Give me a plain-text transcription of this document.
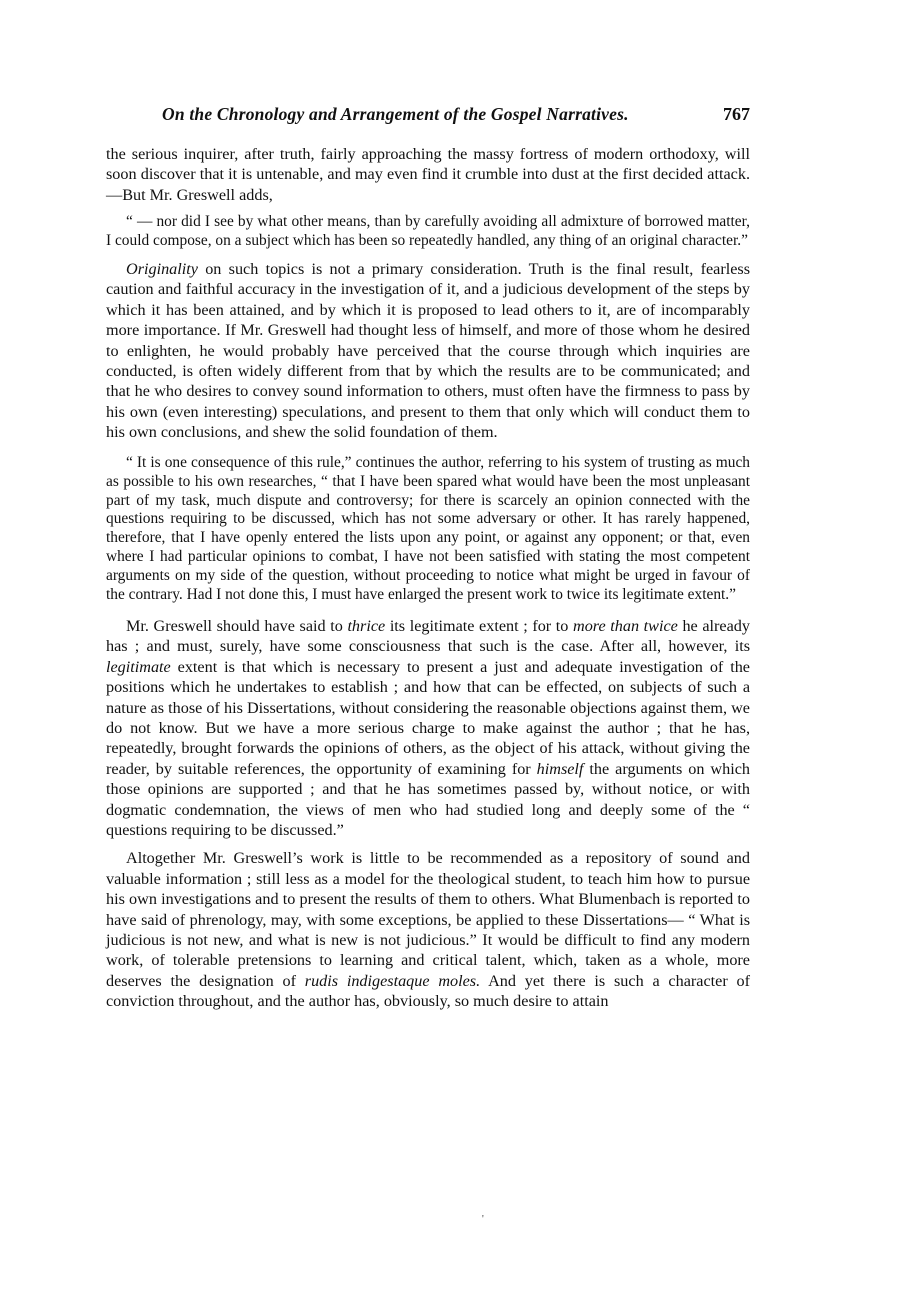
On the Chronology and Arrangement of the Gospel Narratives.	767

the serious inquirer, after truth, fairly approaching the massy fortress of modern orthodoxy, will soon discover that it is untenable, and may even find it crumble into dust at the first decided attack.—But Mr. Greswell adds,

“ — nor did I see by what other means, than by carefully avoiding all admixture of borrowed matter, I could compose, on a subject which has been so repeatedly handled, any thing of an original character.”

Originality on such topics is not a primary consideration. Truth is the final result, fearless caution and faithful accuracy in the investigation of it, and a judicious development of the steps by which it has been attained, and by which it is proposed to lead others to it, are of incomparably more importance. If Mr. Greswell had thought less of himself, and more of those whom he desired to enlighten, he would probably have perceived that the course through which inquiries are conducted, is often widely different from that by which the results are to be communicated; and that he who desires to convey sound information to others, must often have the firmness to pass by his own (even interesting) speculations, and present to them that only which will conduct them to his own conclusions, and shew the solid foundation of them.

“ It is one consequence of this rule,” continues the author, referring to his system of trusting as much as possible to his own researches, “ that I have been spared what would have been the most unpleasant part of my task, much dispute and controversy; for there is scarcely an opinion connected with the questions requiring to be discussed, which has not some adversary or other. It has rarely happened, therefore, that I have openly entered the lists upon any point, or against any opponent; or that, even where I had particular opinions to combat, I have not been satisfied with stating the most competent arguments on my side of the question, without proceeding to notice what might be urged in favour of the contrary. Had I not done this, I must have enlarged the present work to twice its legitimate extent.”

Mr. Greswell should have said to thrice its legitimate extent ; for to more than twice he already has ; and must, surely, have some consciousness that such is the case. After all, however, its legitimate extent is that which is necessary to present a just and adequate investigation of the positions which he undertakes to establish ; and how that can be effected, on subjects of such a nature as those of his Dissertations, without considering the reasonable objections against them, we do not know. But we have a more serious charge to make against the author ; that he has, repeatedly, brought forwards the opinions of others, as the object of his attack, without giving the reader, by suitable references, the opportunity of examining for himself the arguments on which those opinions are supported ; and that he has sometimes passed by, without notice, or with dogmatic condemnation, the views of men who had studied long and deeply some of the “ questions requiring to be discussed.”

Altogether Mr. Greswell’s work is little to be recommended as a repository of sound and valuable information ; still less as a model for the theological student, to teach him how to pursue his own investigations and to present the results of them to others. What Blumenbach is reported to have said of phrenology, may, with some exceptions, be applied to these Dissertations— “ What is judicious is not new, and what is new is not judicious.” It would be difficult to find any modern work, of tolerable pretensions to learning and critical talent, which, taken as a whole, more deserves the designation of rudis indigestaque moles. And yet there is such a character of conviction throughout, and the author has, obviously, so much desire to attain

'
